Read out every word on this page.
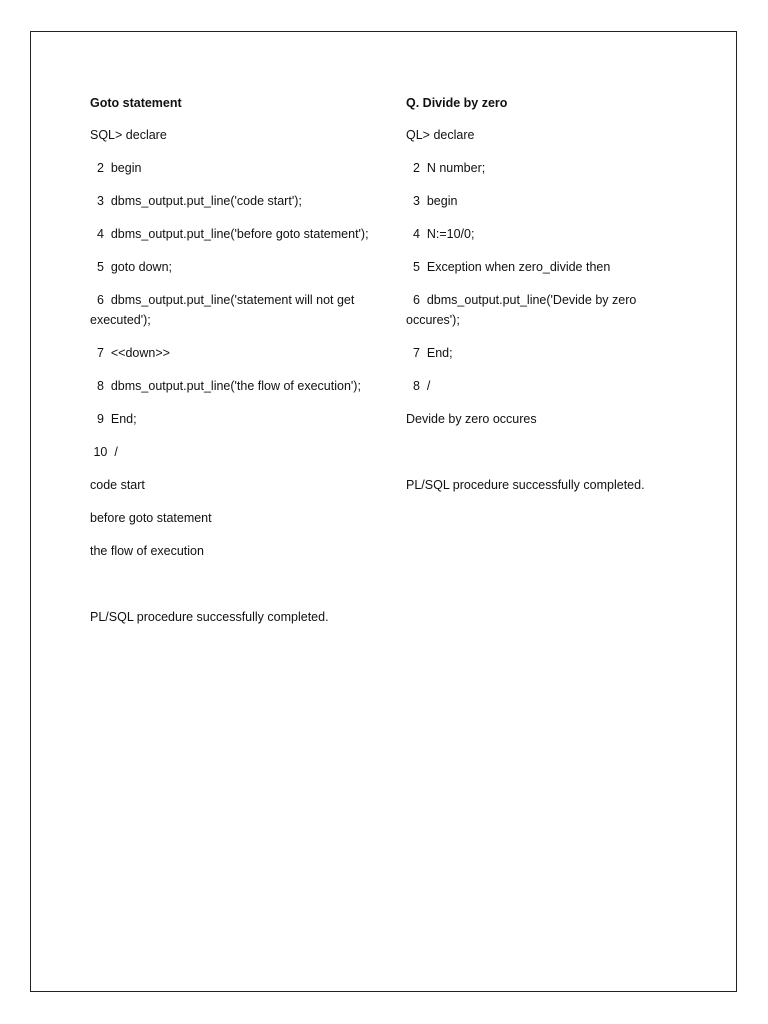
Goto statement
SQL> declare
2  begin
3  dbms_output.put_line('code start');
4  dbms_output.put_line('before goto statement');
5  goto down;
6  dbms_output.put_line('statement will not get executed');
7  <<down>>
8  dbms_output.put_line('the flow of execution');
9  End;
10  /
code start
before goto statement
the flow of execution
PL/SQL procedure successfully completed.
Q. Divide by zero
QL> declare
2  N number;
3  begin
4  N:=10/0;
5  Exception when zero_divide then
6  dbms_output.put_line('Devide by zero occures');
7  End;
8  /
Devide by zero occures
PL/SQL procedure successfully completed.
